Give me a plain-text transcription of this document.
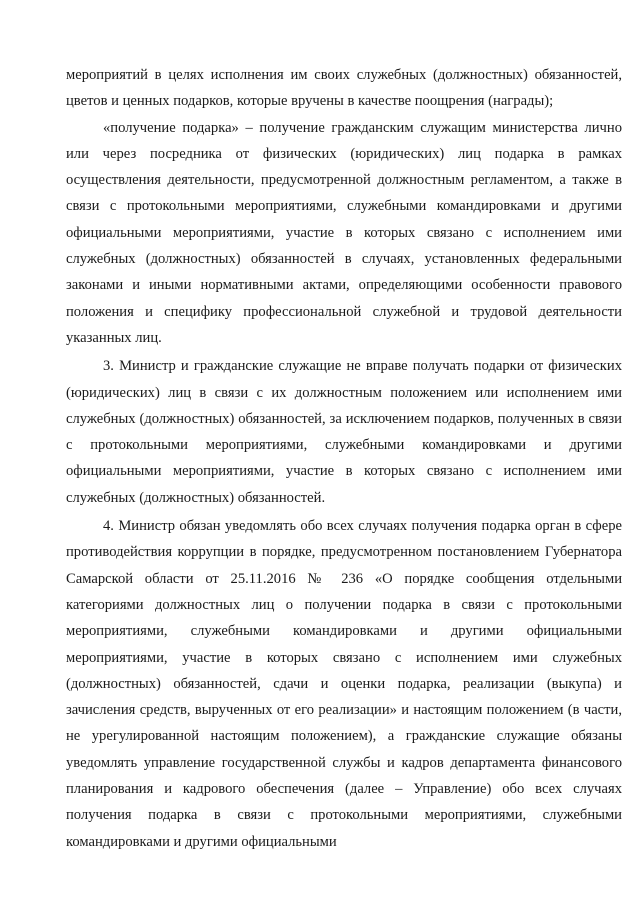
мероприятий в целях исполнения им своих служебных (должностных) обязанностей, цветов и ценных подарков, которые вручены в качестве поощрения (награды);

«получение подарка» – получение гражданским служащим министерства лично или через посредника от физических (юридических) лиц подарка в рамках осуществления деятельности, предусмотренной должностным регламентом, а также в связи с протокольными мероприятиями, служебными командировками и другими официальными мероприятиями, участие в которых связано с исполнением ими служебных (должностных) обязанностей в случаях, установленных федеральными законами и иными нормативными актами, определяющими особенности правового положения и специфику профессиональной служебной и трудовой деятельности указанных лиц.

3. Министр и гражданские служащие не вправе получать подарки от физических (юридических) лиц в связи с их должностным положением или исполнением ими служебных (должностных) обязанностей, за исключением подарков, полученных в связи с протокольными мероприятиями, служебными командировками и другими официальными мероприятиями, участие в которых связано с исполнением ими служебных (должностных) обязанностей.

4. Министр обязан уведомлять обо всех случаях получения подарка орган в сфере противодействия коррупции в порядке, предусмотренном постановлением Губернатора Самарской области от 25.11.2016 № 236 «О порядке сообщения отдельными категориями должностных лиц о получении подарка в связи с протокольными мероприятиями, служебными командировками и другими официальными мероприятиями, участие в которых связано с исполнением ими служебных (должностных) обязанностей, сдачи и оценки подарка, реализации (выкупа) и зачисления средств, вырученных от его реализации» и настоящим положением (в части, не урегулированной настоящим положением), а гражданские служащие обязаны уведомлять управление государственной службы и кадров департамента финансового планирования и кадрового обеспечения (далее – Управление) обо всех случаях получения подарка в связи с протокольными мероприятиями, служебными командировками и другими официальными
